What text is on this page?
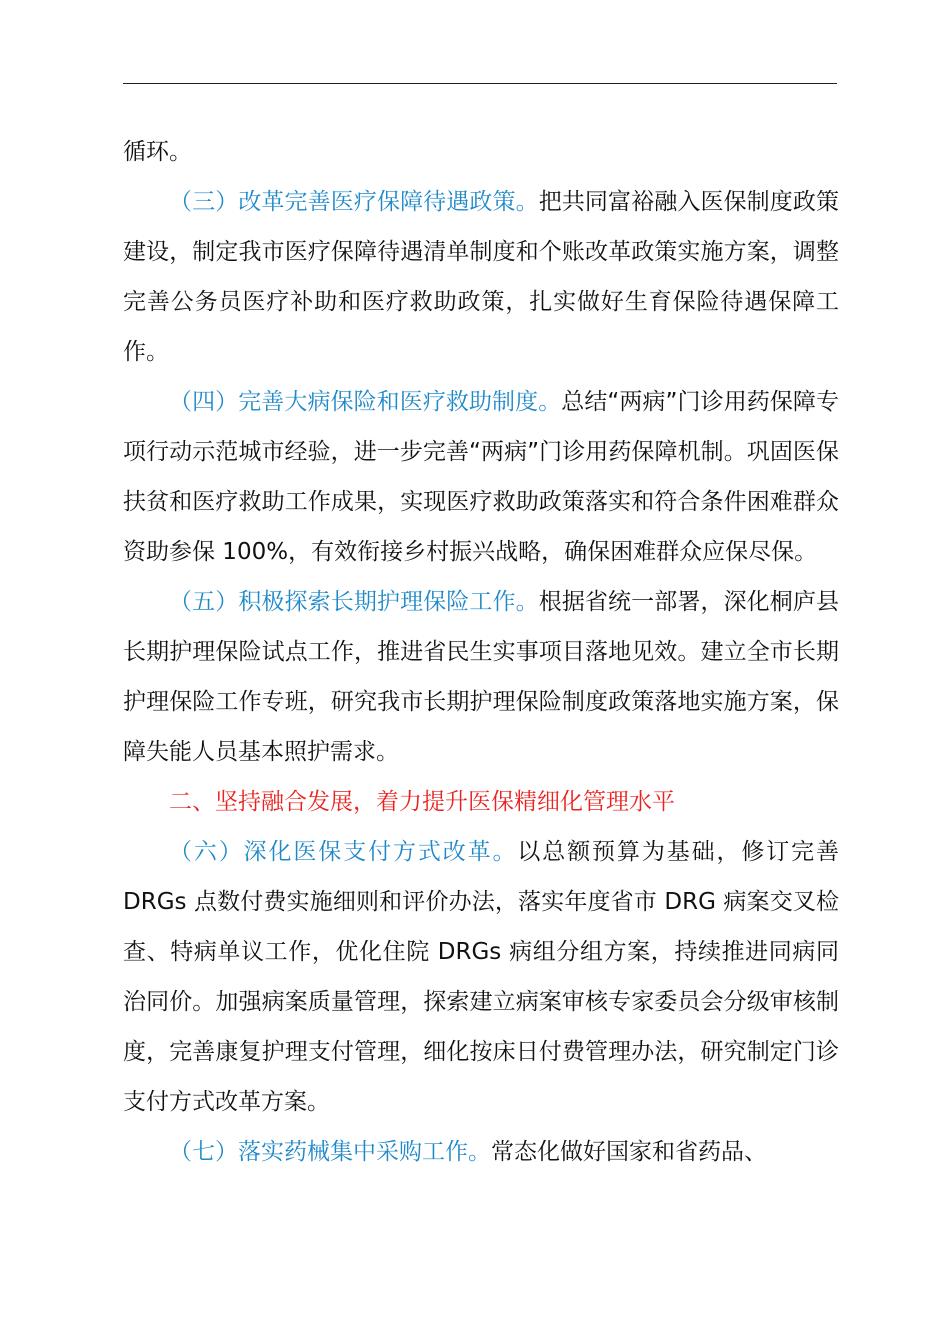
循环。

（三）改革完善医疗保障待遇政策。把共同富裕融入医保制度政策建设，制定我市医疗保障待遇清单制度和个账改革政策实施方案，调整完善公务员医疗补助和医疗救助政策，扎实做好生育保险待遇保障工作。

（四）完善大病保险和医疗救助制度。总结“两病”门诊用药保障专项行动示范城市经验，进一步完善“两病”门诊用药保障机制。巩固医保扶贫和医疗救助工作成果，实现医疗救助政策落实和符合条件困难群众资助参保 100%，有效衔接乡村振兴战略，确保困难群众应保尽保。

（五）积极探索长期护理保险工作。根据省统一部署，深化桐庐县长期护理保险试点工作，推进省民生实事项目落地见效。建立全市长期护理保险工作专班，研究我市长期护理保险制度政策落地实施方案，保障失能人员基本照护需求。

二、坚持融合发展，着力提升医保精细化管理水平

（六）深化医保支付方式改革。以总额预算为基础，修订完善 DRGs 点数付费实施细则和评价办法，落实年度省市 DRG 病案交叉检查、特病单议工作，优化住院 DRGs 病组分组方案，持续推进同病同治同价。加强病案质量管理，探索建立病案审核专家委员会分级审核制度，完善康复护理支付管理，细化按床日付费管理办法，研究制定门诊支付方式改革方案。

（七）落实药械集中采购工作。常态化做好国家和省药品、
